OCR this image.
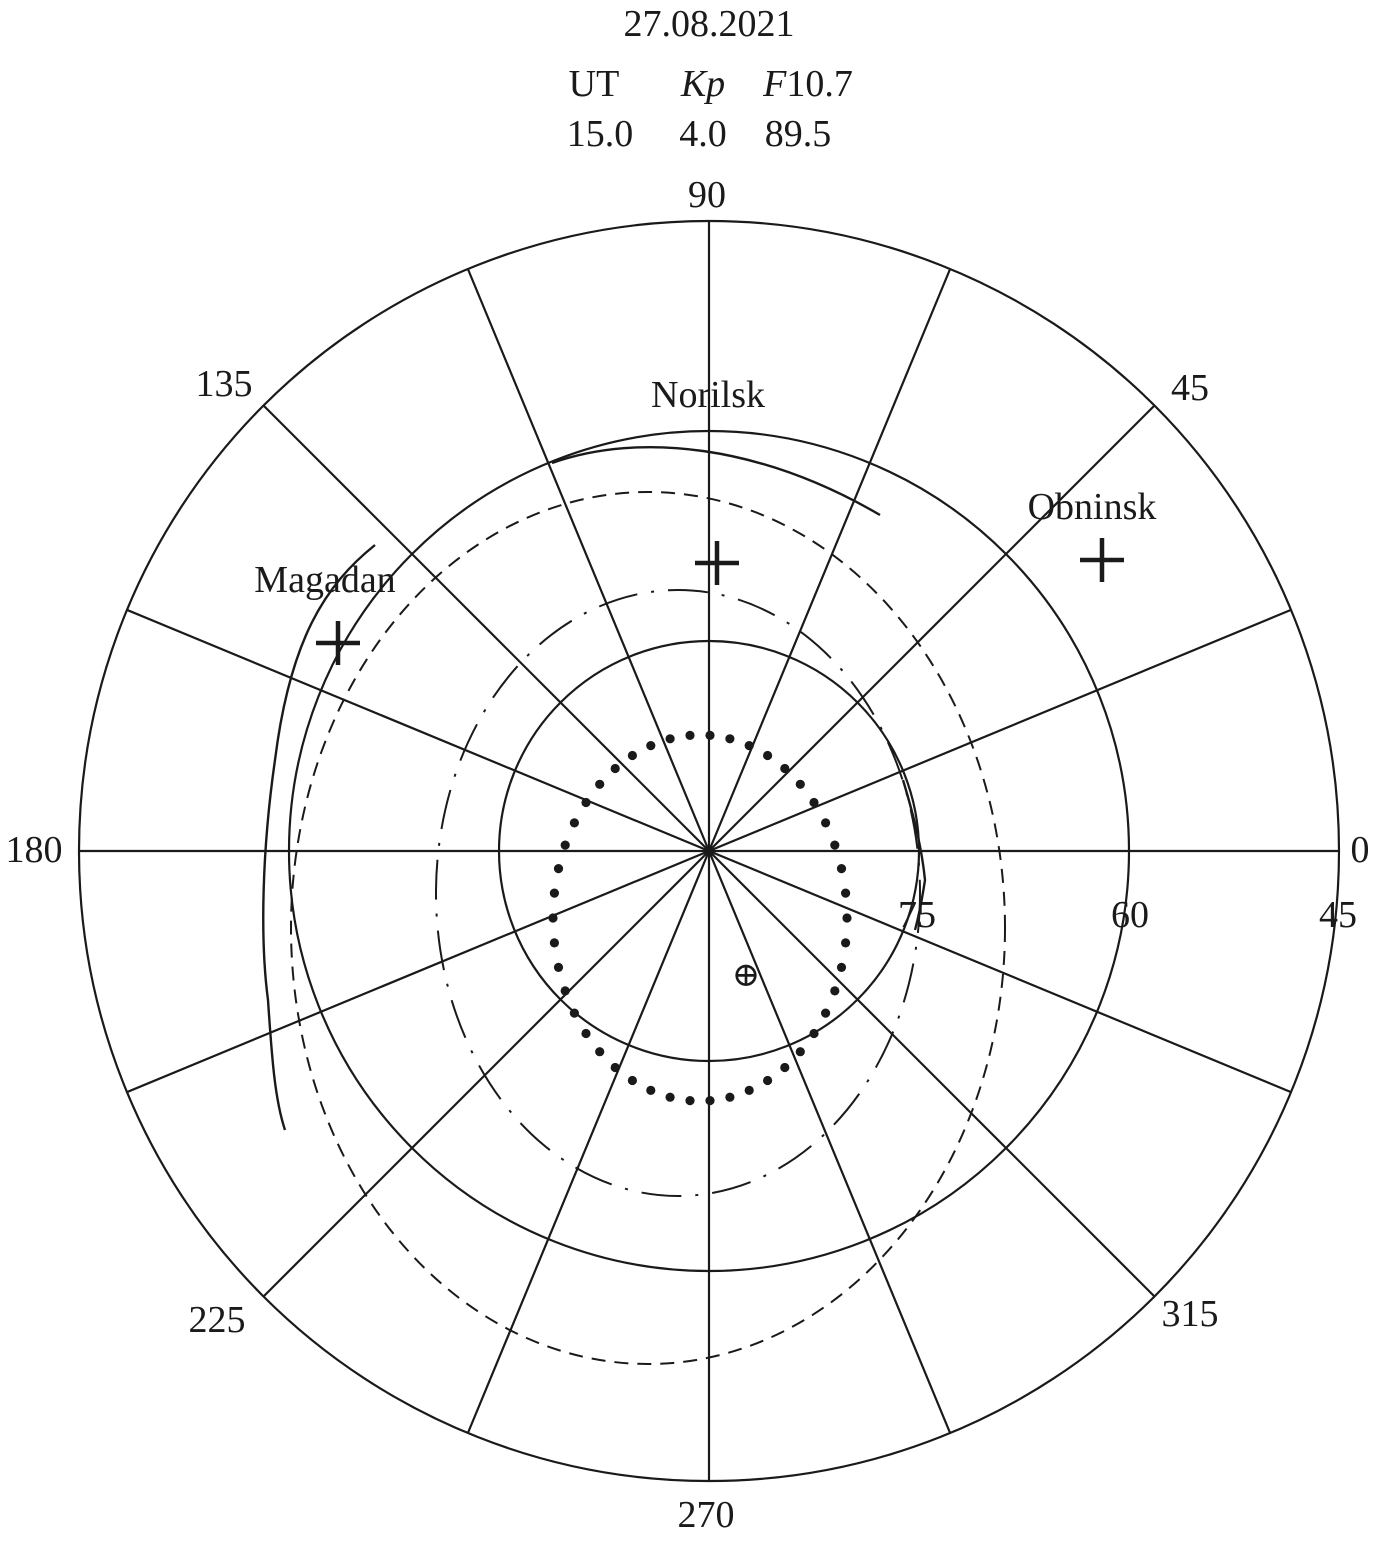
27.08.2021
UT Kp F10.7
15.0 4.0 89.5
Norilsk
Obninsk
Magadan
⊕
90
135	45
180	0
225
270
315
75	60	45
